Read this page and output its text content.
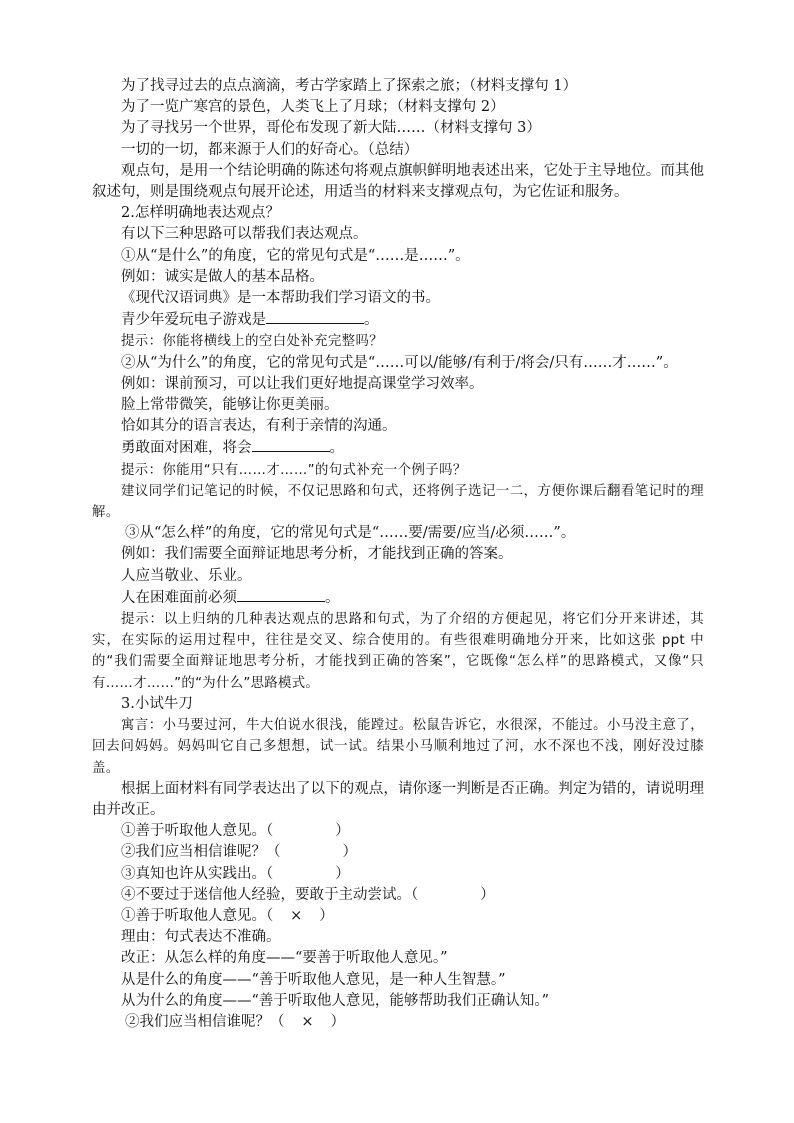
为了找寻过去的点点滴滴，考古学家踏上了探索之旅；（材料支撑句 1）

为了一览广寒宫的景色，人类飞上了月球；（材料支撑句 2）

为了寻找另一个世界，哥伦布发现了新大陆……（材料支撑句 3）

一切的一切，都来源于人们的好奇心。（总结）

观点句，是用一个结论明确的陈述句将观点旗帜鲜明地表述出来，它处于主导地位。而其他叙述句，则是围绕观点句展开论述，用适当的材料来支撑观点句，为它佐证和服务。

2.怎样明确地表达观点？

有以下三种思路可以帮我们表达观点。

①从“是什么”的角度，它的常见句式是“……是……”。

例如：诚实是做人的基本品格。

《现代汉语词典》是一本帮助我们学习语文的书。

青少年爱玩电子游戏是	。

提示：你能将横线上的空白处补充完整吗？

②从“为什么”的角度，它的常见句式是“……可以/能够/有利于/将会/只有……才……”。

例如：课前预习，可以让我们更好地提高课堂学习效率。

脸上常带微笑，能够让你更美丽。

恰如其分的语言表达，有利于亲情的沟通。

勇敢面对困难，将会	。

提示：你能用“只有……才……”的句式补充一个例子吗？

建议同学们记笔记的时候，不仅记思路和句式，还将例子选记一二，方便你课后翻看笔记时的理解。

③从“怎么样”的角度，它的常见句式是“……要/需要/应当/必须……”。

例如：我们需要全面辩证地思考分析，才能找到正确的答案。

人应当敬业、乐业。

人在困难面前必须	。

提示：以上归纳的几种表达观点的思路和句式，为了介绍的方便起见，将它们分开来讲述，其实，在实际的运用过程中，往往是交叉、综合使用的。有些很难明确地分开来，比如这张 ppt 中的“我们需要全面辩证地思考分析，才能找到正确的答案”，它既像“怎么样”的思路模式，又像“只有……才……”的“为什么”思路模式。

3.小试牛刀

寓言：小马要过河，牛大伯说水很浅，能蹚过。松鼠告诉它，水很深，不能过。小马没主意了，回去问妈妈。妈妈叫它自己多想想，试一试。结果小马顺利地过了河，水不深也不浅，刚好没过膝盖。

根据上面材料有同学表达出了以下的观点，请你逐一判断是否正确。判定为错的，请说明理由并改正。

①善于听取他人意见。（	）

②我们应当相信谁呢？（	）

③真知也许从实践出。（	）

④不要过于迷信他人经验，要敢于主动尝试。（	）

①善于听取他人意见。（ × ）

理由：句式表达不准确。

改正：从怎么样的角度——“要善于听取他人意见。”

从是什么的角度——“善于听取他人意见，是一种人生智慧。”

从为什么的角度——“善于听取他人意见，能够帮助我们正确认知。”

②我们应当相信谁呢？（ × ）
